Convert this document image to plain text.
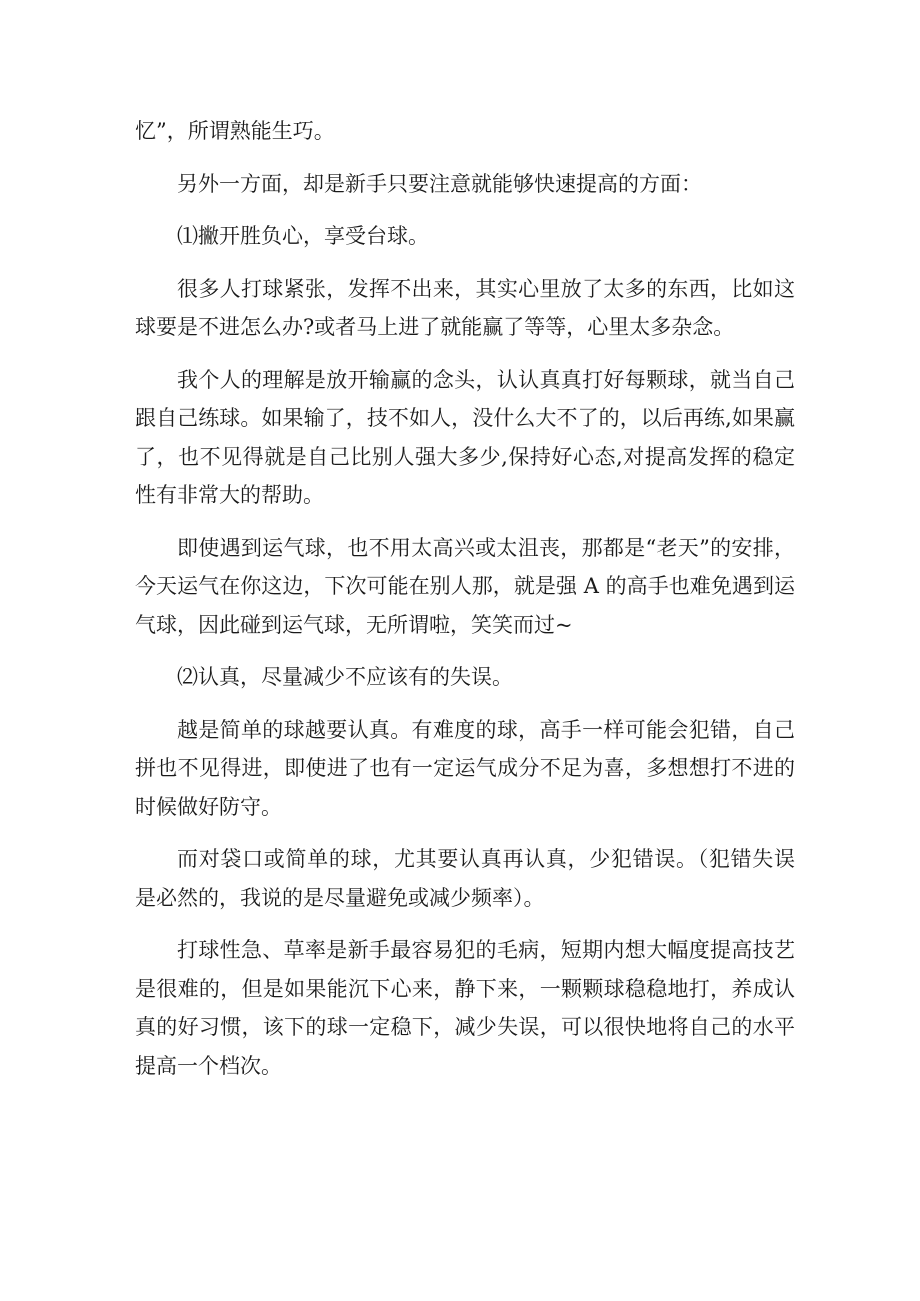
忆”，所谓熟能生巧。

另外一方面，却是新手只要注意就能够快速提高的方面：

⑴撇开胜负心，享受台球。

很多人打球紧张，发挥不出来，其实心里放了太多的东西，比如这球要是不进怎么办?或者马上进了就能赢了等等，心里太多杂念。

我个人的理解是放开输赢的念头，认认真真打好每颗球，就当自己跟自己练球。如果输了，技不如人，没什么大不了的，以后再练,如果赢了，也不见得就是自己比别人强大多少,保持好心态,对提高发挥的稳定性有非常大的帮助。

即使遇到运气球，也不用太高兴或太沮丧，那都是“老天”的安排，今天运气在你这边，下次可能在别人那，就是强 A 的高手也难免遇到运气球，因此碰到运气球，无所谓啦，笑笑而过~

⑵认真，尽量减少不应该有的失误。

越是简单的球越要认真。有难度的球，高手一样可能会犯错，自己拼也不见得进，即使进了也有一定运气成分不足为喜，多想想打不进的时候做好防守。

而对袋口或简单的球，尤其要认真再认真，少犯错误。（犯错失误是必然的，我说的是尽量避免或减少频率）。

打球性急、草率是新手最容易犯的毛病，短期内想大幅度提高技艺是很难的，但是如果能沉下心来，静下来，一颗颗球稳稳地打，养成认真的好习惯，该下的球一定稳下，减少失误，可以很快地将自己的水平提高一个档次。
